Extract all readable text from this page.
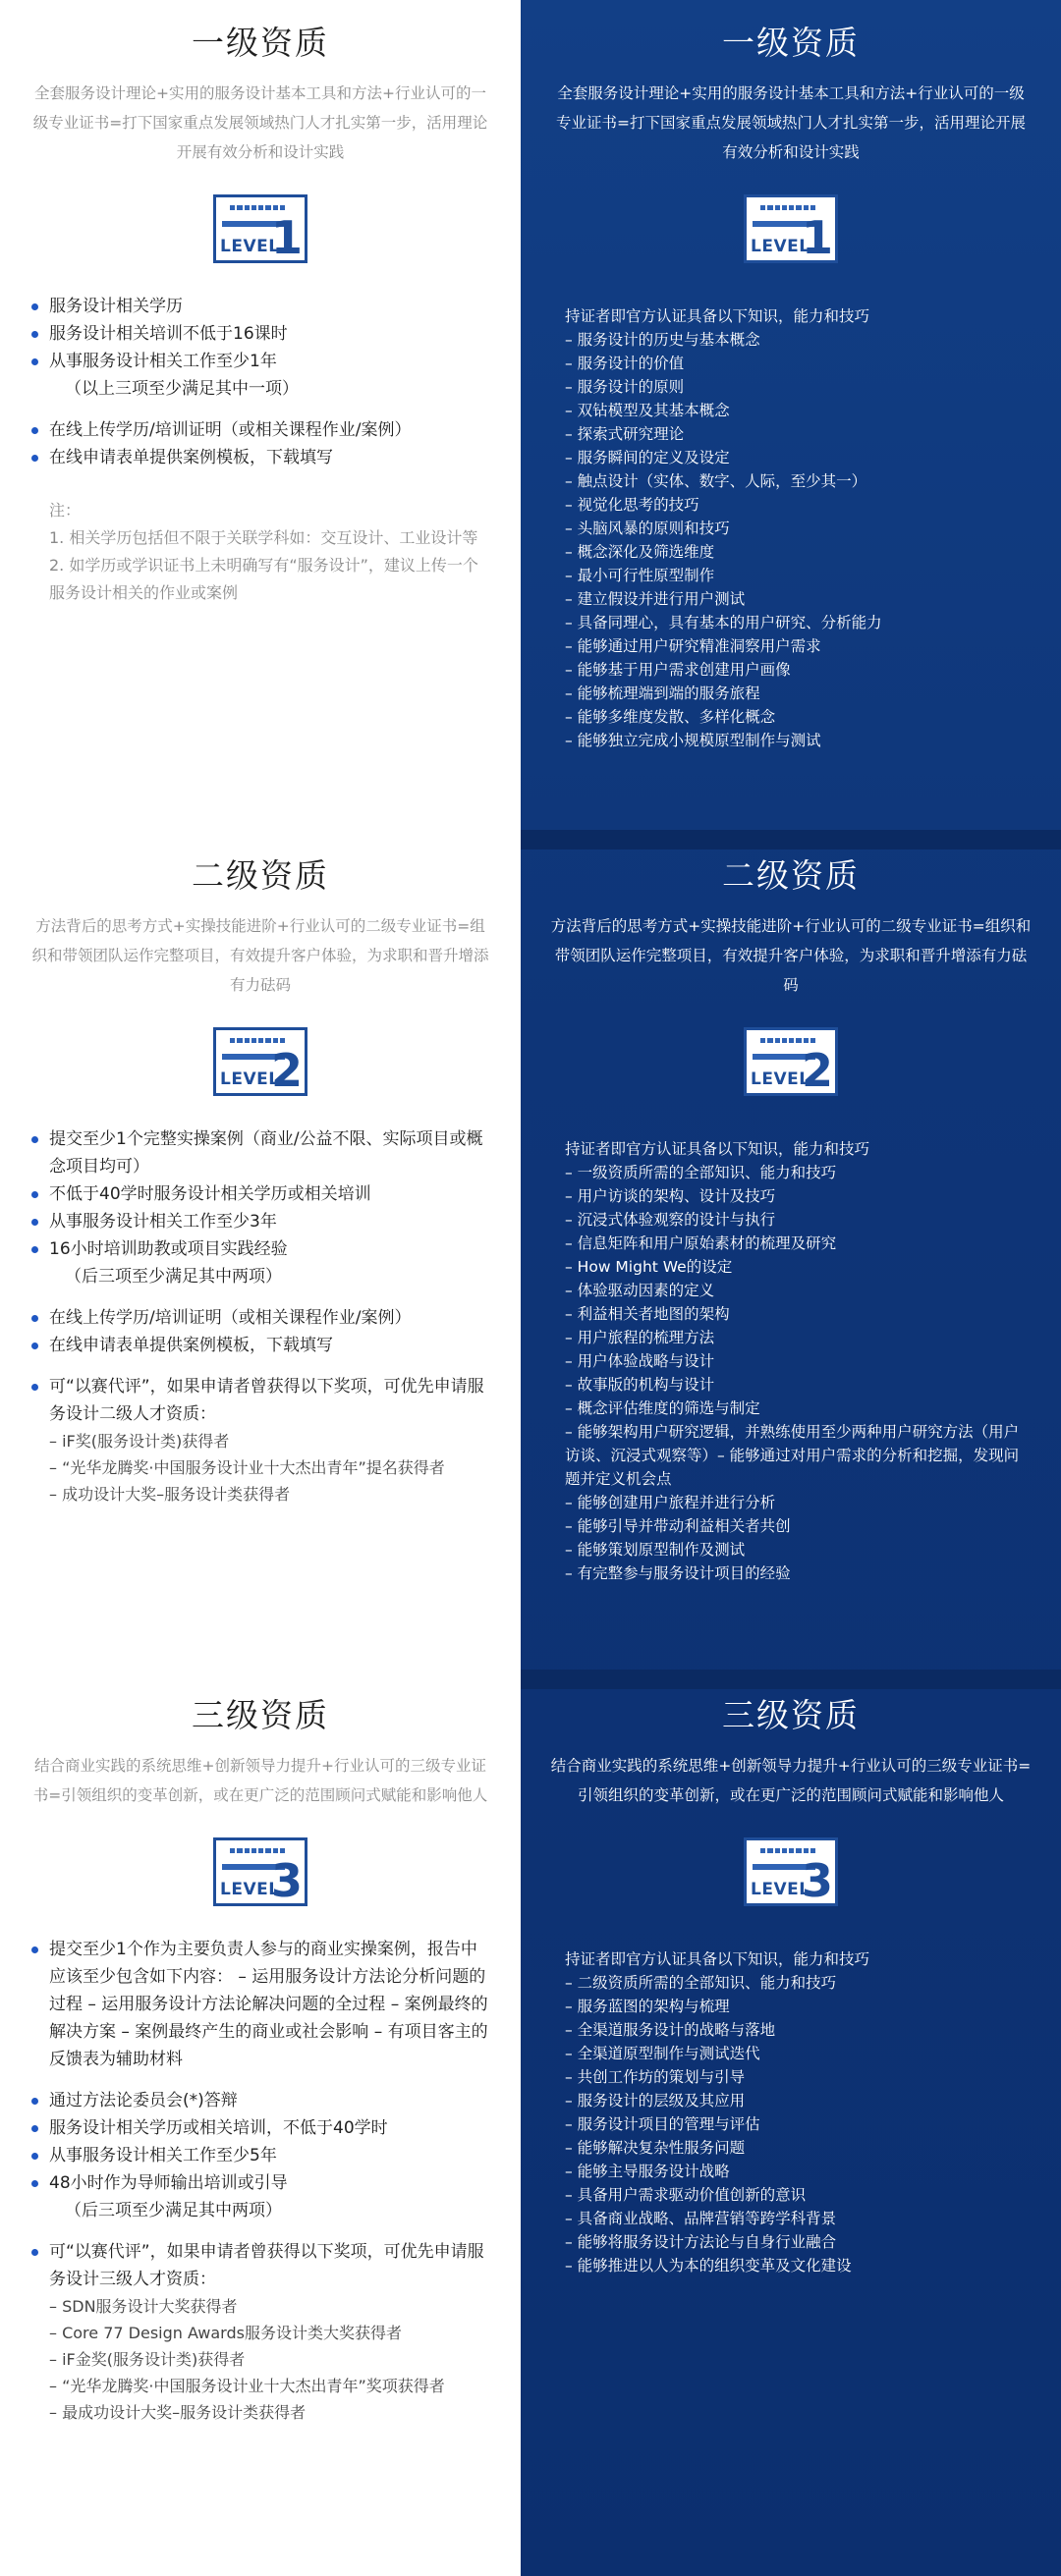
一级资质
全套服务设计理论+实用的服务设计基本工具和方法+行业认可的一级专业证书=打下国家重点发展领域热门人才扎实第一步，活用理论开展有效分析和设计实践
LEVEL
1
服务设计相关学历
服务设计相关培训不低于16课时
从事服务设计相关工作至少1年
（以上三项至少满足其中一项）
在线上传学历/培训证明（或相关课程作业/案例）
在线申请表单提供案例模板，下载填写
注：
1. 相关学历包括但不限于关联学科如：交互设计、工业设计等
2. 如学历或学识证书上未明确写有“服务设计”，建议上传一个服务设计相关的作业或案例
二级资质
方法背后的思考方式+实操技能进阶+行业认可的二级专业证书=组织和带领团队运作完整项目，有效提升客户体验，为求职和晋升增添有力砝码
LEVEL
2
提交至少1个完整实操案例（商业/公益不限、实际项目或概念项目均可）
不低于40学时服务设计相关学历或相关培训
从事服务设计相关工作至少3年
16小时培训助教或项目实践经验
（后三项至少满足其中两项）
在线上传学历/培训证明（或相关课程作业/案例）
在线申请表单提供案例模板，下载填写
可“以赛代评”，如果申请者曾获得以下奖项，可优先申请服务设计二级人才资质：
– iF奖(服务设计类)获得者
– “光华龙腾奖·中国服务设计业十大杰出青年”提名获得者
– 成功设计大奖–服务设计类获得者
三级资质
结合商业实践的系统思维+创新领导力提升+行业认可的三级专业证书=引领组织的变革创新，或在更广泛的范围顾问式赋能和影响他人
LEVEL
3
提交至少1个作为主要负责人参与的商业实操案例，报告中应该至少包含如下内容： – 运用服务设计方法论分析问题的过程 – 运用服务设计方法论解决问题的全过程 – 案例最终的解决方案 – 案例最终产生的商业或社会影响 – 有项目客主的反馈表为辅助材料
通过方法论委员会(*)答辩
服务设计相关学历或相关培训，不低于40学时
从事服务设计相关工作至少5年
48小时作为导师输出培训或引导
（后三项至少满足其中两项）
可“以赛代评”，如果申请者曾获得以下奖项，可优先申请服务设计三级人才资质：
– SDN服务设计大奖获得者
– Core 77 Design Awards服务设计类大奖获得者
– iF金奖(服务设计类)获得者
– “光华龙腾奖·中国服务设计业十大杰出青年”奖项获得者
– 最成功设计大奖–服务设计类获得者
一级资质
全套服务设计理论+实用的服务设计基本工具和方法+行业认可的一级专业证书=打下国家重点发展领域热门人才扎实第一步，活用理论开展有效分析和设计实践
LEVEL
1
持证者即官方认证具备以下知识，能力和技巧
– 服务设计的历史与基本概念
– 服务设计的价值
– 服务设计的原则
– 双钻模型及其基本概念
– 探索式研究理论
– 服务瞬间的定义及设定
– 触点设计（实体、数字、人际，至少其一）
– 视觉化思考的技巧
– 头脑风暴的原则和技巧
– 概念深化及筛选维度
– 最小可行性原型制作
– 建立假设并进行用户测试
– 具备同理心，具有基本的用户研究、分析能力
– 能够通过用户研究精准洞察用户需求
– 能够基于用户需求创建用户画像
– 能够梳理端到端的服务旅程
– 能够多维度发散、多样化概念
– 能够独立完成小规模原型制作与测试
二级资质
方法背后的思考方式+实操技能进阶+行业认可的二级专业证书=组织和带领团队运作完整项目，有效提升客户体验，为求职和晋升增添有力砝码
LEVEL
2
持证者即官方认证具备以下知识，能力和技巧
– 一级资质所需的全部知识、能力和技巧
– 用户访谈的架构、设计及技巧
– 沉浸式体验观察的设计与执行
– 信息矩阵和用户原始素材的梳理及研究
– How Might We的设定
– 体验驱动因素的定义
– 利益相关者地图的架构
– 用户旅程的梳理方法
– 用户体验战略与设计
– 故事版的机构与设计
– 概念评估维度的筛选与制定
– 能够架构用户研究逻辑，并熟练使用至少两种用户研究方法（用户访谈、沉浸式观察等）– 能够通过对用户需求的分析和挖掘，发现问题并定义机会点
– 能够创建用户旅程并进行分析
– 能够引导并带动利益相关者共创
– 能够策划原型制作及测试
– 有完整参与服务设计项目的经验
三级资质
结合商业实践的系统思维+创新领导力提升+行业认可的三级专业证书=引领组织的变革创新，或在更广泛的范围顾问式赋能和影响他人
LEVEL
3
持证者即官方认证具备以下知识，能力和技巧
– 二级资质所需的全部知识、能力和技巧
– 服务蓝图的架构与梳理
– 全渠道服务设计的战略与落地
– 全渠道原型制作与测试迭代
– 共创工作坊的策划与引导
– 服务设计的层级及其应用
– 服务设计项目的管理与评估
– 能够解决复杂性服务问题
– 能够主导服务设计战略
– 具备用户需求驱动价值创新的意识
– 具备商业战略、品牌营销等跨学科背景
– 能够将服务设计方法论与自身行业融合
– 能够推进以人为本的组织变革及文化建设
